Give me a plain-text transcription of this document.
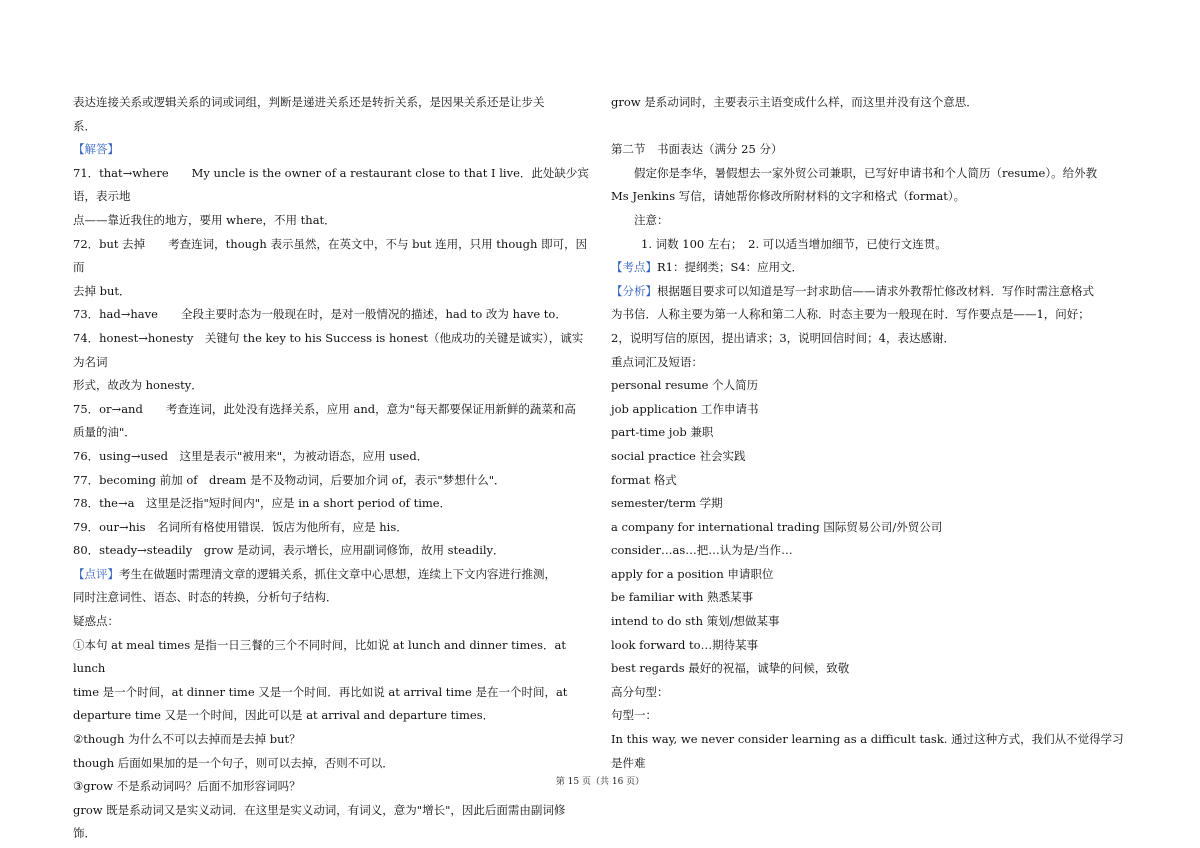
表达连接关系或逻辑关系的词或词组，判断是递进关系还是转折关系，是因果关系还是让步关

系．

【解答】

71．that→where　　My uncle is the owner of a restaurant close to that I live．此处缺少宾语，表示地

点——靠近我住的地方，要用 where，不用 that．

72．but 去掉　　考查连词，though 表示虽然，在英文中，不与 but 连用，只用 though 即可，因而

去掉 but．

73．had→have　　全段主要时态为一般现在时，是对一般情况的描述，had to 改为 have to．

74．honest→honesty　关键句 the key to his Success is honest（他成功的关键是诚实），诚实为名词

形式，故改为 honesty．

75．or→and　　考查连词，此处没有选择关系，应用 and，意为"每天都要保证用新鲜的蔬菜和高

质量的油"．

76．using→used　这里是表示"被用来"，为被动语态，应用 used．

77．becoming 前加 of　dream 是不及物动词，后要加介词 of，表示"梦想什么"．

78．the→a　这里是泛指"短时间内"，应是 in a short period of time．

79．our→his　名词所有格使用错误．饭店为他所有，应是 his．

80．steady→steadily　grow 是动词，表示增长，应用副词修饰，故用 steadily．

【点评】考生在做题时需理清文章的逻辑关系，抓住文章中心思想，连续上下文内容进行推测，

同时注意词性、语态、时态的转换，分析句子结构．

疑惑点：

①本句 at meal times 是指一日三餐的三个不同时间，比如说 at lunch and dinner times．at lunch

time 是一个时间，at dinner time 又是一个时间．再比如说 at arrival time 是在一个时间，at

departure time 又是一个时间，因此可以是 at arrival and departure times．

②though 为什么不可以去掉而是去掉 but？

though 后面如果加的是一个句子，则可以去掉，否则不可以．

③grow 不是系动词吗？后面不加形容词吗？

grow 既是系动词又是实义动词．在这里是实义动词，有词义，意为"增长"，因此后面需由副词修

饰．

grow 是系动词时，主要表示主语变成什么样，而这里并没有这个意思．

第二节　书面表达（满分 25 分）

假定你是李华，暑假想去一家外贸公司兼职，已写好申请书和个人简历（resume）。给外教

Ms Jenkins 写信，请她帮你修改所附材料的文字和格式（format）。

注意：

1. 词数 100 左右；　2. 可以适当增加细节，已使行文连贯。

【考点】R1：提纲类；S4：应用文．

【分析】根据题目要求可以知道是写一封求助信——请求外教帮忙修改材料．写作时需注意格式

为书信．人称主要为第一人称和第二人称．时态主要为一般现在时．写作要点是——1，问好；

2，说明写信的原因，提出请求；3，说明回信时间；4，表达感谢．

重点词汇及短语：

personal resume 个人简历

job application 工作申请书

part-time job 兼职

social practice 社会实践

format 格式

semester/term 学期

a company for international trading 国际贸易公司/外贸公司

consider…as…把…认为是/当作…

apply for a position 申请职位

be familiar with 熟悉某事

intend to do sth 策划/想做某事

look forward to…期待某事

best regards 最好的祝福，诚挚的问候，致敬

高分句型：

句型一：

In this way, we never consider learning as a difficult task. 通过这种方式，我们从不觉得学习是件难

第 15 页（共 16 页）
